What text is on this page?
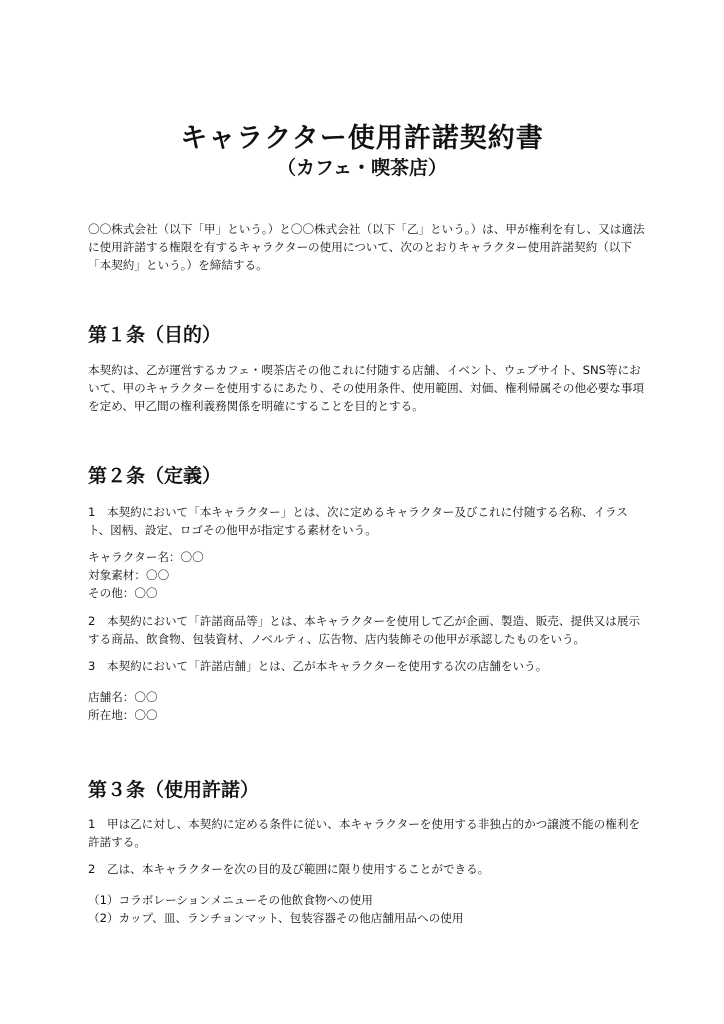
キャラクター使用許諾契約書
（カフェ・喫茶店）
〇〇株式会社（以下「甲」という。）と〇〇株式会社（以下「乙」という。）は、甲が権利を有し、又は適法に使用許諾する権限を有するキャラクターの使用について、次のとおりキャラクター使用許諾契約（以下「本契約」という。）を締結する。
第１条（目的）
本契約は、乙が運営するカフェ・喫茶店その他これに付随する店舗、イベント、ウェブサイト、SNS等において、甲のキャラクターを使用するにあたり、その使用条件、使用範囲、対価、権利帰属その他必要な事項を定め、甲乙間の権利義務関係を明確にすることを目的とする。
第２条（定義）
1　本契約において「本キャラクター」とは、次に定めるキャラクター及びこれに付随する名称、イラスト、図柄、設定、ロゴその他甲が指定する素材をいう。
キャラクター名：〇〇
対象素材：〇〇
その他：〇〇
2　本契約において「許諾商品等」とは、本キャラクターを使用して乙が企画、製造、販売、提供又は展示する商品、飲食物、包装資材、ノベルティ、広告物、店内装飾その他甲が承認したものをいう。
3　本契約において「許諾店舗」とは、乙が本キャラクターを使用する次の店舗をいう。
店舗名：〇〇
所在地：〇〇
第３条（使用許諾）
1　甲は乙に対し、本契約に定める条件に従い、本キャラクターを使用する非独占的かつ譲渡不能の権利を許諾する。
2　乙は、本キャラクターを次の目的及び範囲に限り使用することができる。
（1）コラボレーションメニューその他飲食物への使用
（2）カップ、皿、ランチョンマット、包装容器その他店舗用品への使用
